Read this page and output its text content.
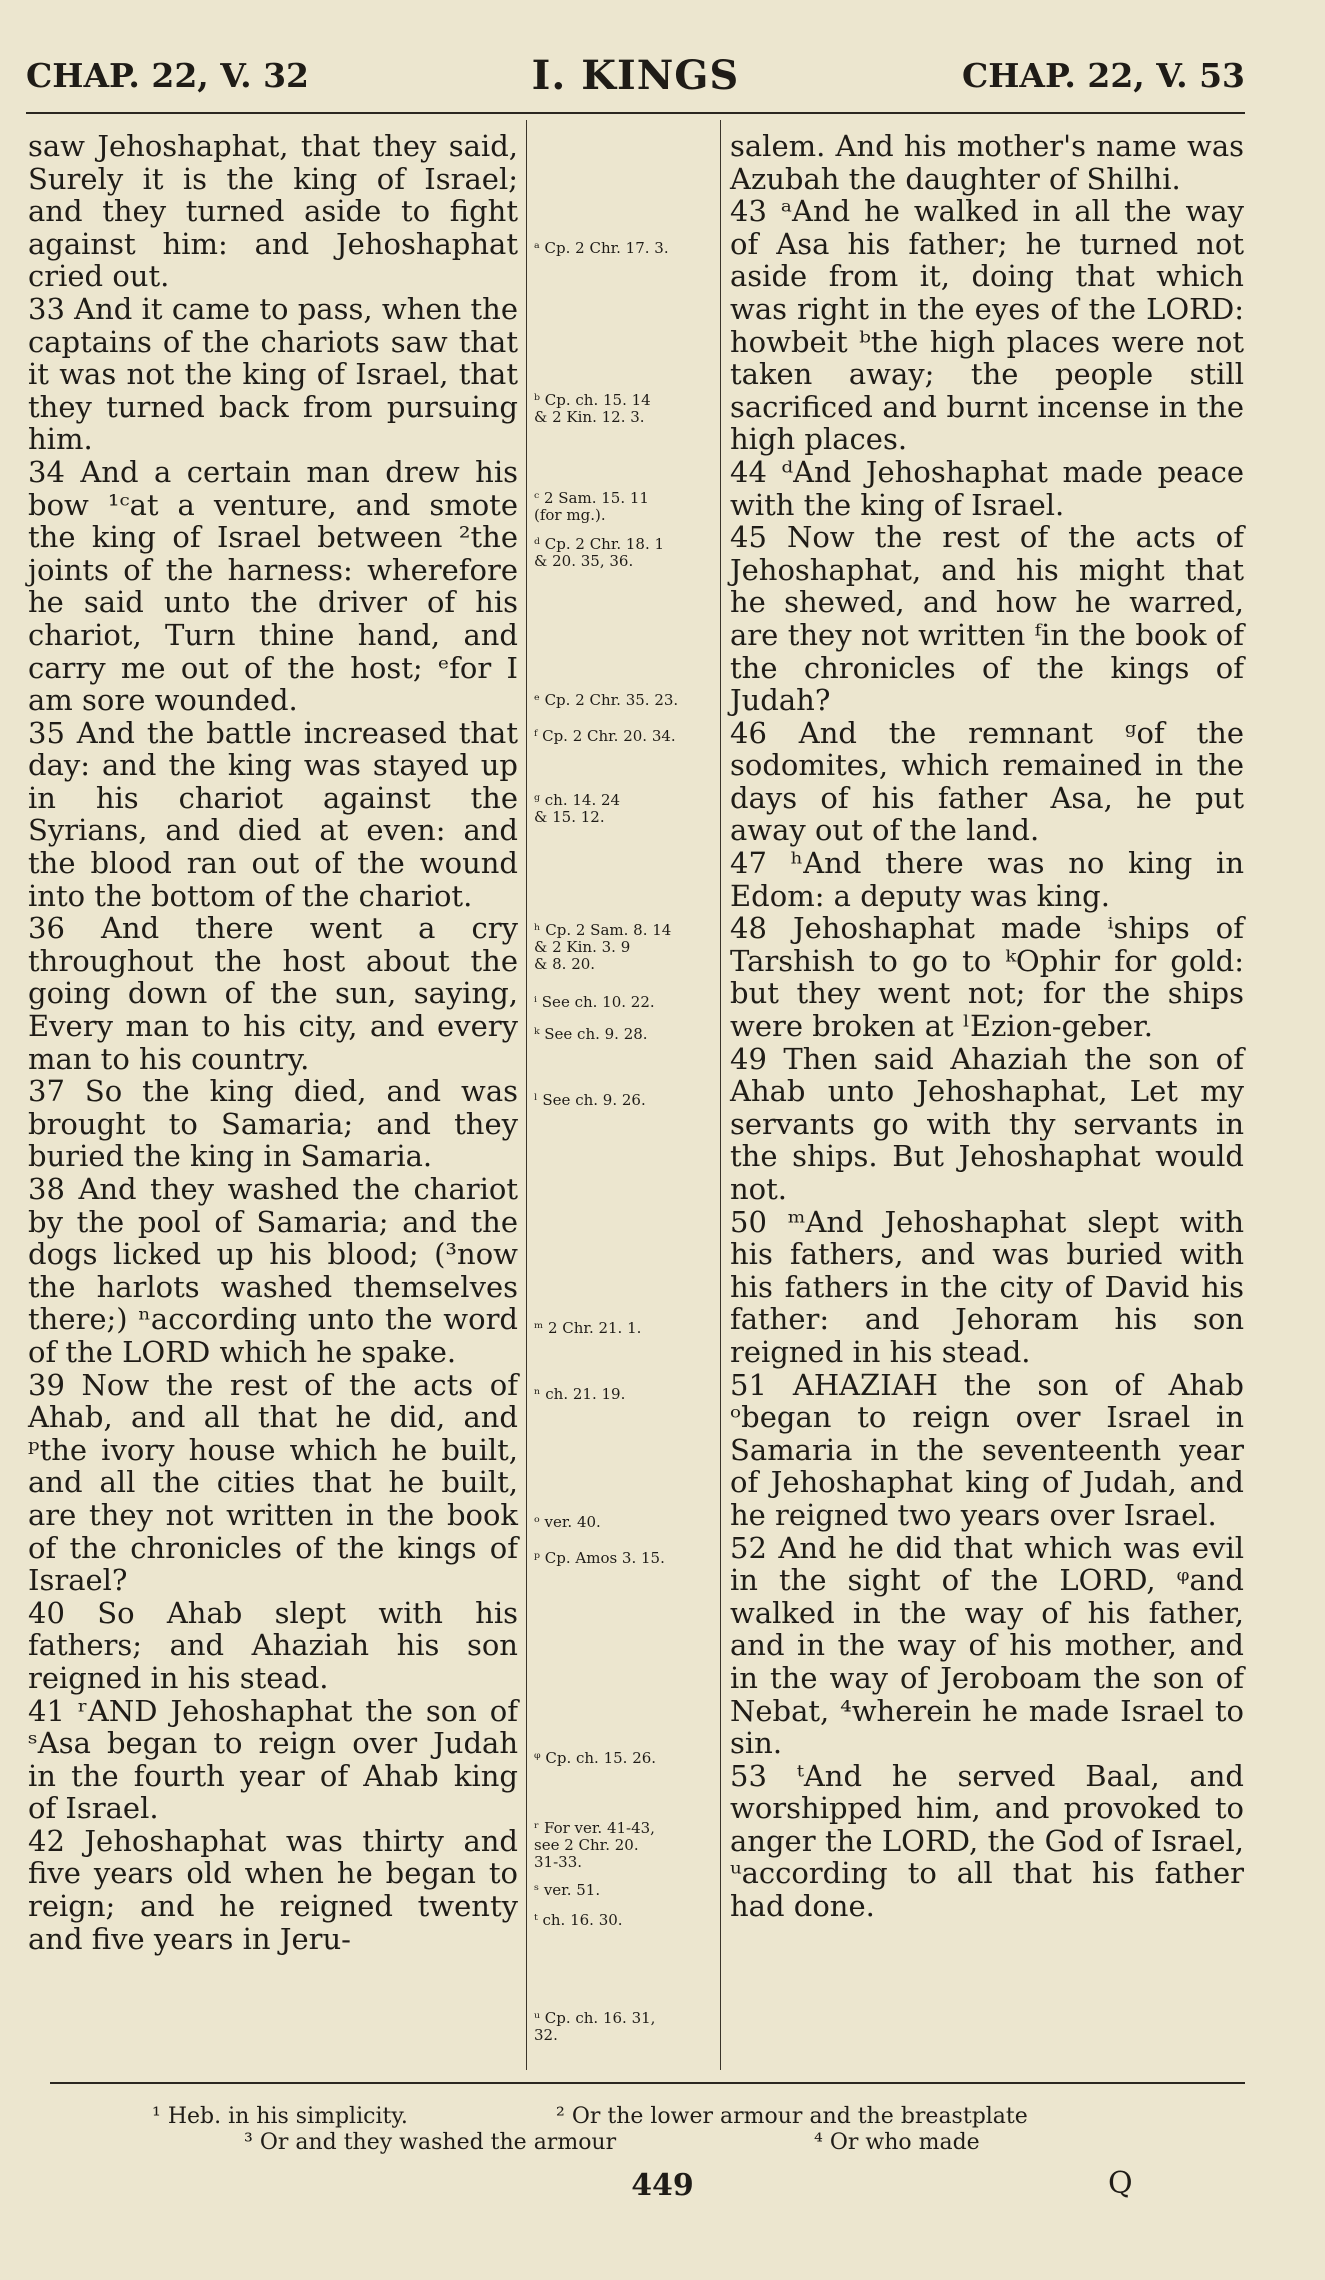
CHAP. 22, V. 32	I. KINGS	CHAP. 22, V. 53

saw Jehoshaphat, that they said, Surely it is the king of Israel; and they turned aside to fight against him: and Jehoshaphat cried out.

33 And it came to pass, when the captains of the chariots saw that it was not the king of Israel, that they turned back from pursuing him.

34 And a certain man drew his bow ¹ᶜat a venture, and smote the king of Israel between ²the joints of the harness: wherefore he said unto the driver of his chariot, Turn thine hand, and carry me out of the host; ᵉfor I am sore wounded.

35 And the battle increased that day: and the king was stayed up in his chariot against the Syrians, and died at even: and the blood ran out of the wound into the bottom of the chariot.

36 And there went a cry throughout the host about the going down of the sun, saying, Every man to his city, and every man to his country.

37 So the king died, and was brought to Samaria; and they buried the king in Samaria.

38 And they washed the chariot by the pool of Samaria; and the dogs licked up his blood; (³now the harlots washed themselves there;) ⁿaccording unto the word of the LORD which he spake.

39 Now the rest of the acts of Ahab, and all that he did, and ᵖthe ivory house which he built, and all the cities that he built, are they not written in the book of the chronicles of the kings of Israel?

40 So Ahab slept with his fathers; and Ahaziah his son reigned in his stead.

41 ʳAND Jehoshaphat the son of ˢAsa began to reign over Judah in the fourth year of Ahab king of Israel.

42 Jehoshaphat was thirty and five years old when he began to reign; and he reigned twenty and five years in Jeru-

ᵃ Cp. 2 Chr. 17. 3.
ᵇ Cp. ch. 15. 14
& 2 Kin. 12. 3.
ᶜ 2 Sam. 15. 11
(for mg.).
ᵈ Cp. 2 Chr. 18. 1
& 20. 35, 36.
ᵉ Cp. 2 Chr. 35. 23.
ᶠ Cp. 2 Chr. 20. 34.
ᵍ ch. 14. 24
& 15. 12.
ʰ Cp. 2 Sam. 8. 14
& 2 Kin. 3. 9
& 8. 20.
ⁱ See ch. 10. 22.
ᵏ See ch. 9. 28.
ˡ See ch. 9. 26.
ᵐ 2 Chr. 21. 1.
ⁿ ch. 21. 19.
ᵒ ver. 40.
ᵖ Cp. Amos 3. 15.
ᵠ Cp. ch. 15. 26.
ʳ For ver. 41-43,
see 2 Chr. 20.
31-33.
ˢ ver. 51.
ᵗ ch. 16. 30.
ᵘ Cp. ch. 16. 31,
32.

salem. And his mother's name was Azubah the daughter of Shilhi.

43 ᵃAnd he walked in all the way of Asa his father; he turned not aside from it, doing that which was right in the eyes of the LORD: howbeit ᵇthe high places were not taken away; the people still sacrificed and burnt incense in the high places.

44 ᵈAnd Jehoshaphat made peace with the king of Israel.

45 Now the rest of the acts of Jehoshaphat, and his might that he shewed, and how he warred, are they not written ᶠin the book of the chronicles of the kings of Judah?

46 And the remnant ᵍof the sodomites, which remained in the days of his father Asa, he put away out of the land.

47 ʰAnd there was no king in Edom: a deputy was king.

48 Jehoshaphat made ⁱships of Tarshish to go to ᵏOphir for gold: but they went not; for the ships were broken at ˡEzion-geber.

49 Then said Ahaziah the son of Ahab unto Jehoshaphat, Let my servants go with thy servants in the ships. But Jehoshaphat would not.

50 ᵐAnd Jehoshaphat slept with his fathers, and was buried with his fathers in the city of David his father: and Jehoram his son reigned in his stead.

51 AHAZIAH the son of Ahab ᵒbegan to reign over Israel in Samaria in the seventeenth year of Jehoshaphat king of Judah, and he reigned two years over Israel.

52 And he did that which was evil in the sight of the LORD, ᵠand walked in the way of his father, and in the way of his mother, and in the way of Jeroboam the son of Nebat, ⁴wherein he made Israel to sin.

53 ᵗAnd he served Baal, and worshipped him, and provoked to anger the LORD, the God of Israel, ᵘaccording to all that his father had done.

¹ Heb. in his simplicity.	² Or the lower armour and the breastplate
³ Or and they washed the armour	⁴ Or who made
449	Q
